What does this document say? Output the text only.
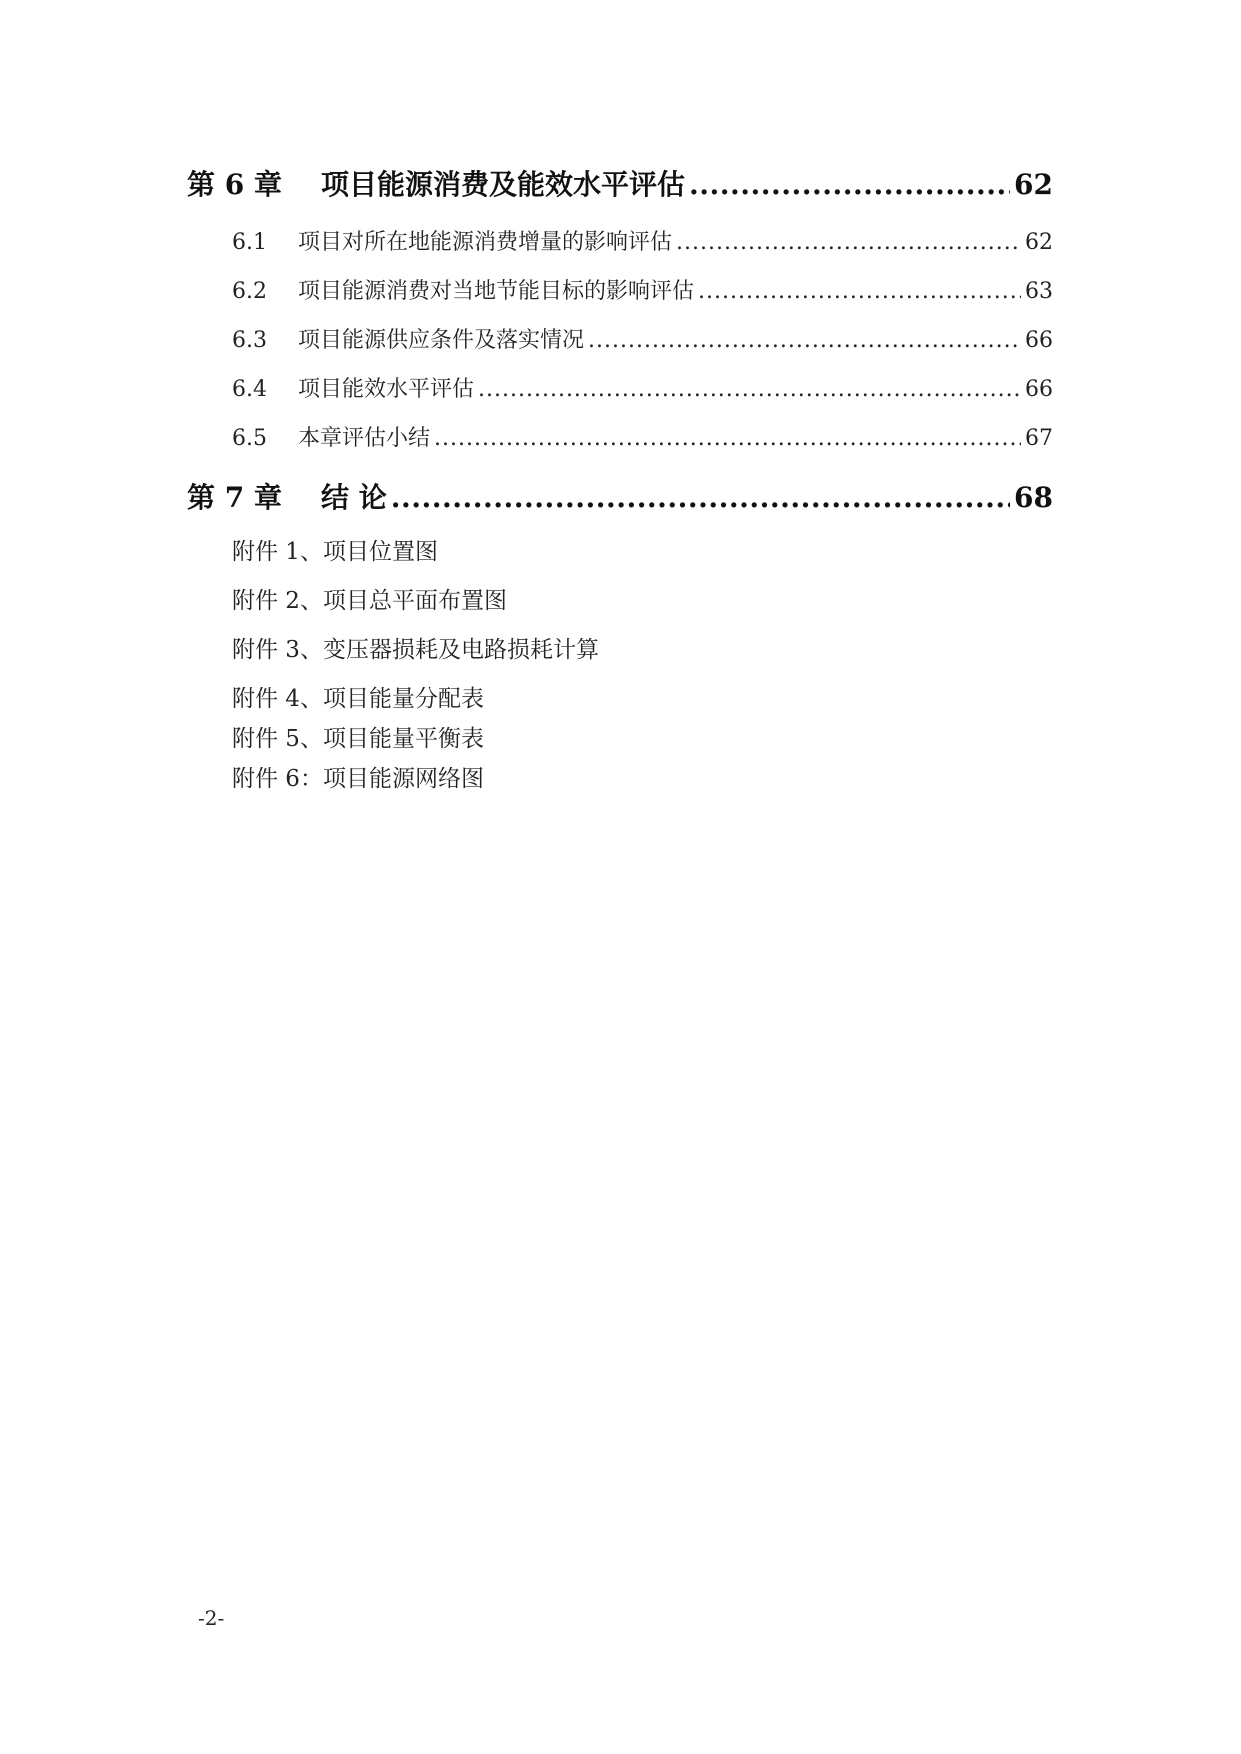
第 6 章 项目能源消费及能效水平评估 .....	62
6.1 项目对所在地能源消费增量的影响评估 .....	62
6.2 项目能源消费对当地节能目标的影响评估 .....	63
6.3 项目能源供应条件及落实情况 .....	66
6.4 项目能效水平评估 .....	66
6.5 本章评估小结 .....	67
第 7 章 结 论 .....	68
附件 1、项目位置图
附件 2、项目总平面布置图
附件 3、变压器损耗及电路损耗计算
附件 4、项目能量分配表
附件 5、项目能量平衡表
附件 6：项目能源网络图
-2-
